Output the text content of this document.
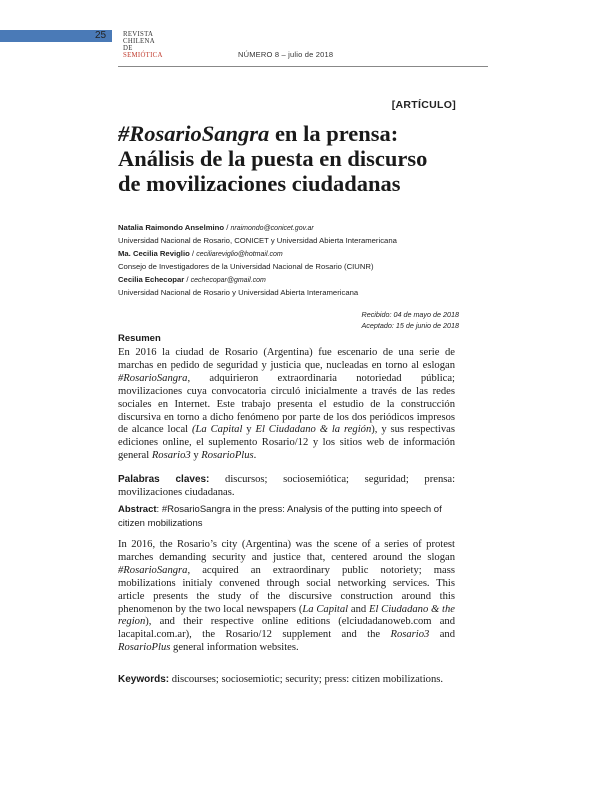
25 REVISTA
CHILENA
DE
SEMIÓTICA	NÚMERO 8 – julio de 2018
[ARTÍCULO]
#RosarioSangra en la prensa:
Análisis de la puesta en discurso
de movilizaciones ciudadanas
Natalia Raimondo Anselmino / nraimondo@conicet.gov.ar
Universidad Nacional de Rosario, CONICET y Universidad Abierta Interamericana
Ma. Cecilia Reviglio / ceciliareviglio@hotmail.com
Consejo de Investigadores de la Universidad Nacional de Rosario (CIUNR)
Cecilia Echecopar / cechecopar@gmail.com
Universidad Nacional de Rosario y Universidad Abierta Interamericana
Recibido: 04 de mayo de 2018
Aceptado: 15 de junio de 2018
Resumen
En 2016 la ciudad de Rosario (Argentina) fue escenario de una serie de marchas en pedido de seguridad y justicia que, nucleadas en torno al eslogan #RosarioSangra, adquirieron extraordinaria notoriedad pública; movilizaciones cuya convocatoria circuló inicialmente a través de las redes sociales en Internet. Este trabajo presenta el estudio de la construcción discursiva en torno a dicho fenómeno por parte de los dos periódicos impresos de alcance local (La Capital y El Ciudadano & la región), y sus respectivas ediciones online, el suplemento Rosario/12 y los sitios web de información general Rosario3 y RosarioPlus.
Palabras claves: discursos; sociosemiótica; seguridad; prensa: movilizaciones ciudadanas.
Abstract: #RosarioSangra in the press: Analysis of the putting into speech of citizen mobilizations
In 2016, the Rosario’s city (Argentina) was the scene of a series of protest marches demanding security and justice that, centered around the slogan #RosarioSangra, acquired an extraordinary public notoriety; mass mobilizations initialy convened through social networking services. This article presents the study of the discursive construction around this phenomenon by the two local newspapers (La Capital and El Ciudadano & the region), and their respective online editions (elciudadanoweb.com and lacapital.com.ar), the Rosario/12 supplement and the Rosario3 and RosarioPlus general information websites.
Keywords: discourses; sociosemiotic; security; press: citizen mobilizations.
